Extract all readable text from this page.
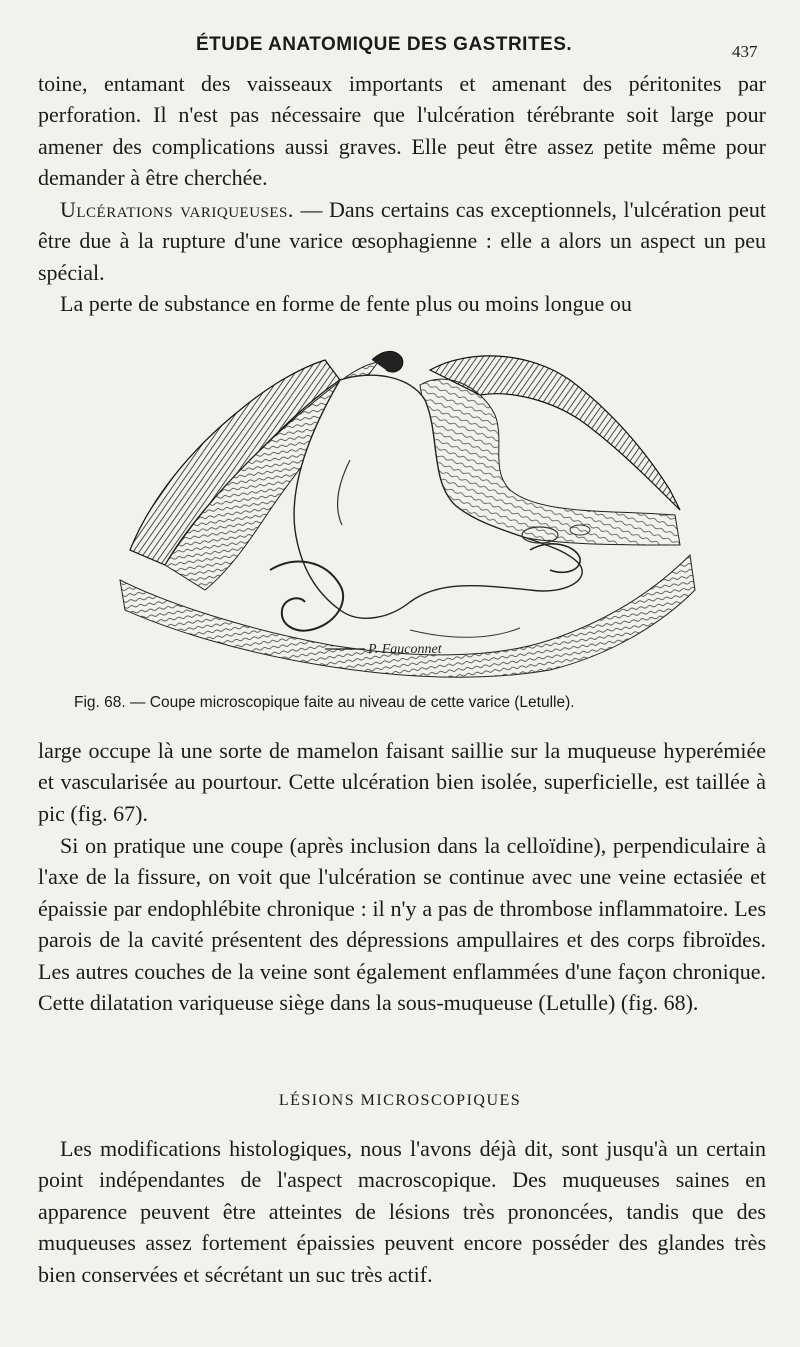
ÉTUDE ANATOMIQUE DES GASTRITES.	437

toine, entamant des vaisseaux importants et amenant des péritonites par perforation. Il n'est pas nécessaire que l'ulcération térébrante soit large pour amener des complications aussi graves. Elle peut être assez petite même pour demander à être cherchée.

Ulcérations variqueuses. — Dans certains cas exceptionnels, l'ulcération peut être due à la rupture d'une varice œsophagienne : elle a alors un aspect un peu spécial.

La perte de substance en forme de fente plus ou moins longue ou

P. Fauconnet
Fig. 68. — Coupe microscopique faite au niveau de cette varice (Letulle).

large occupe là une sorte de mamelon faisant saillie sur la muqueuse hyperémiée et vascularisée au pourtour. Cette ulcération bien isolée, superficielle, est taillée à pic (fig. 67).

Si on pratique une coupe (après inclusion dans la celloïdine), perpendiculaire à l'axe de la fissure, on voit que l'ulcération se continue avec une veine ectasiée et épaissie par endophlébite chronique : il n'y a pas de thrombose inflammatoire. Les parois de la cavité présentent des dépressions ampullaires et des corps fibroïdes. Les autres couches de la veine sont également enflammées d'une façon chronique. Cette dilatation variqueuse siège dans la sous-muqueuse (Letulle) (fig. 68).

LÉSIONS MICROSCOPIQUES

Les modifications histologiques, nous l'avons déjà dit, sont jusqu'à un certain point indépendantes de l'aspect macroscopique. Des muqueuses saines en apparence peuvent être atteintes de lésions très prononcées, tandis que des muqueuses assez fortement épaissies peuvent encore posséder des glandes très bien conservées et sécrétant un suc très actif.
